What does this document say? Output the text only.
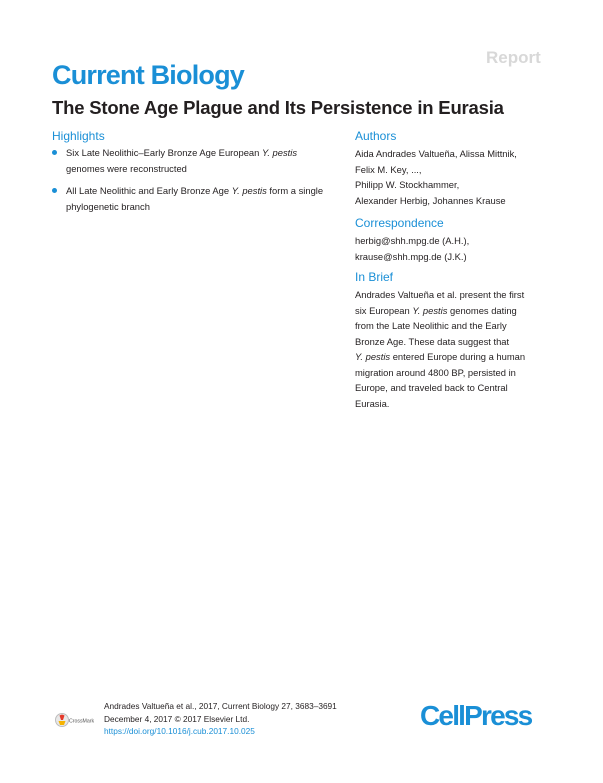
Report
Current Biology
The Stone Age Plague and Its Persistence in Eurasia
Highlights
Six Late Neolithic–Early Bronze Age European Y. pestis
genomes were reconstructed
All Late Neolithic and Early Bronze Age Y. pestis form a single
phylogenetic branch
Authors
Aida Andrades Valtueña, Alissa Mittnik,
Felix M. Key, ...,
Philipp W. Stockhammer,
Alexander Herbig, Johannes Krause
Correspondence
herbig@shh.mpg.de (A.H.),
krause@shh.mpg.de (J.K.)
In Brief
Andrades Valtueña et al. present the first
six European Y. pestis genomes dating
from the Late Neolithic and the Early
Bronze Age. These data suggest that
Y. pestis entered Europe during a human
migration around 4800 BP, persisted in
Europe, and traveled back to Central
Eurasia.
CrossMark
Andrades Valtueña et al., 2017, Current Biology 27, 3683–3691
December 4, 2017 © 2017 Elsevier Ltd.
https://doi.org/10.1016/j.cub.2017.10.025	CellPress
